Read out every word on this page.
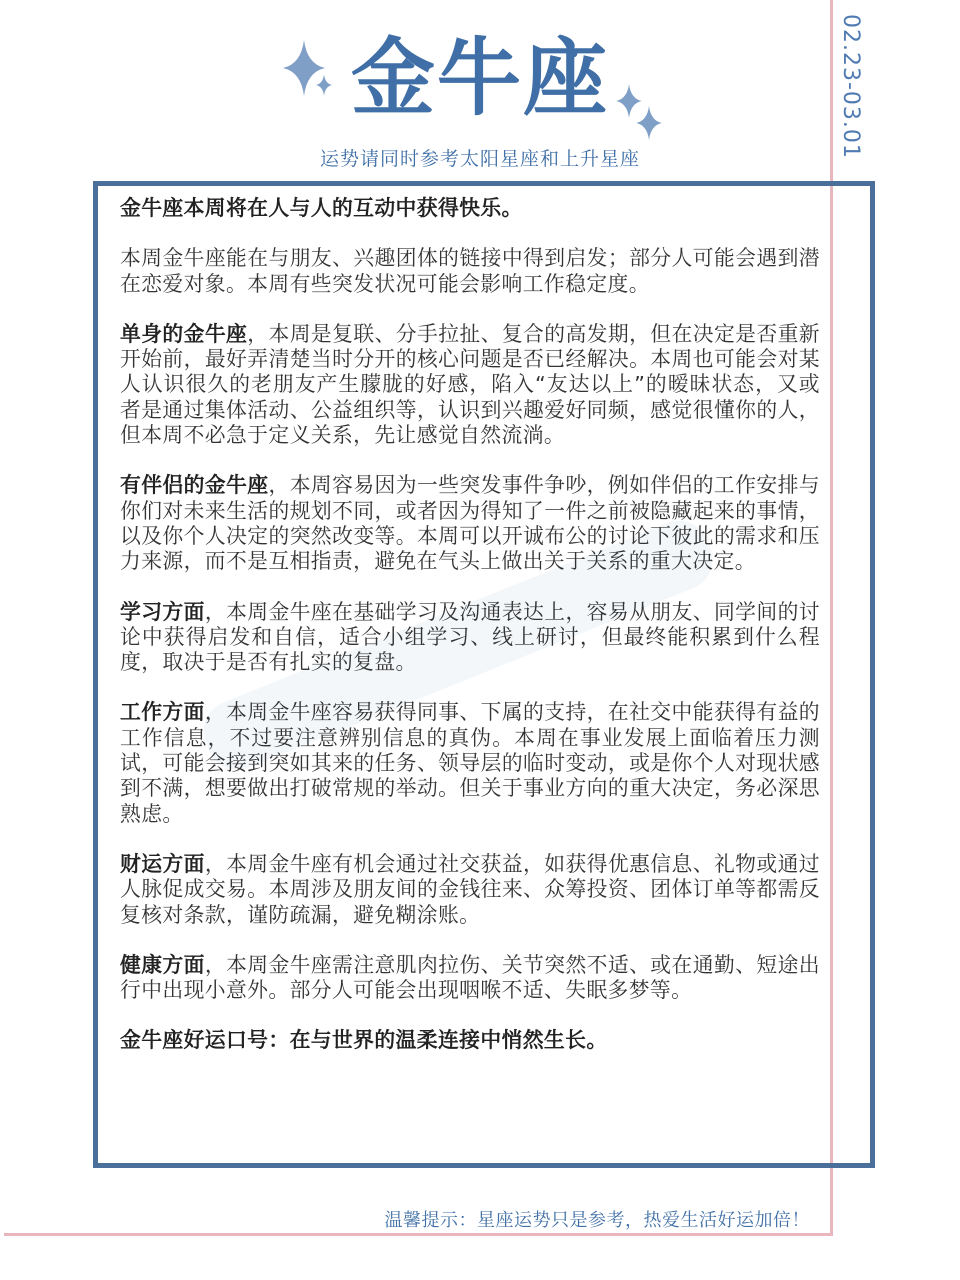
02.23-03.01
金牛座
运势请同时参考太阳星座和上升星座

金牛座本周将在人与人的互动中获得快乐。

本周金牛座能在与朋友、兴趣团体的链接中得到启发；部分人可能会遇到潜在恋爱对象。本周有些突发状况可能会影响工作稳定度。

单身的金牛座，本周是复联、分手拉扯、复合的高发期，但在决定是否重新开始前，最好弄清楚当时分开的核心问题是否已经解决。本周也可能会对某人认识很久的老朋友产生朦胧的好感，陷入“友达以上”的暧昧状态，又或者是通过集体活动、公益组织等，认识到兴趣爱好同频，感觉很懂你的人，但本周不必急于定义关系，先让感觉自然流淌。

有伴侣的金牛座，本周容易因为一些突发事件争吵，例如伴侣的工作安排与你们对未来生活的规划不同，或者因为得知了一件之前被隐藏起来的事情，以及你个人决定的突然改变等。本周可以开诚布公的讨论下彼此的需求和压力来源，而不是互相指责，避免在气头上做出关于关系的重大决定。

学习方面，本周金牛座在基础学习及沟通表达上，容易从朋友、同学间的讨论中获得启发和自信，适合小组学习、线上研讨，但最终能积累到什么程度，取决于是否有扎实的复盘。

工作方面，本周金牛座容易获得同事、下属的支持，在社交中能获得有益的工作信息，不过要注意辨别信息的真伪。本周在事业发展上面临着压力测试，可能会接到突如其来的任务、领导层的临时变动，或是你个人对现状感到不满，想要做出打破常规的举动。但关于事业方向的重大决定，务必深思熟虑。

财运方面，本周金牛座有机会通过社交获益，如获得优惠信息、礼物或通过人脉促成交易。本周涉及朋友间的金钱往来、众筹投资、团体订单等都需反复核对条款，谨防疏漏，避免糊涂账。

健康方面，本周金牛座需注意肌肉拉伤、关节突然不适、或在通勤、短途出行中出现小意外。部分人可能会出现咽喉不适、失眠多梦等。

金牛座好运口号：在与世界的温柔连接中悄然生长。

温馨提示：星座运势只是参考，热爱生活好运加倍！
